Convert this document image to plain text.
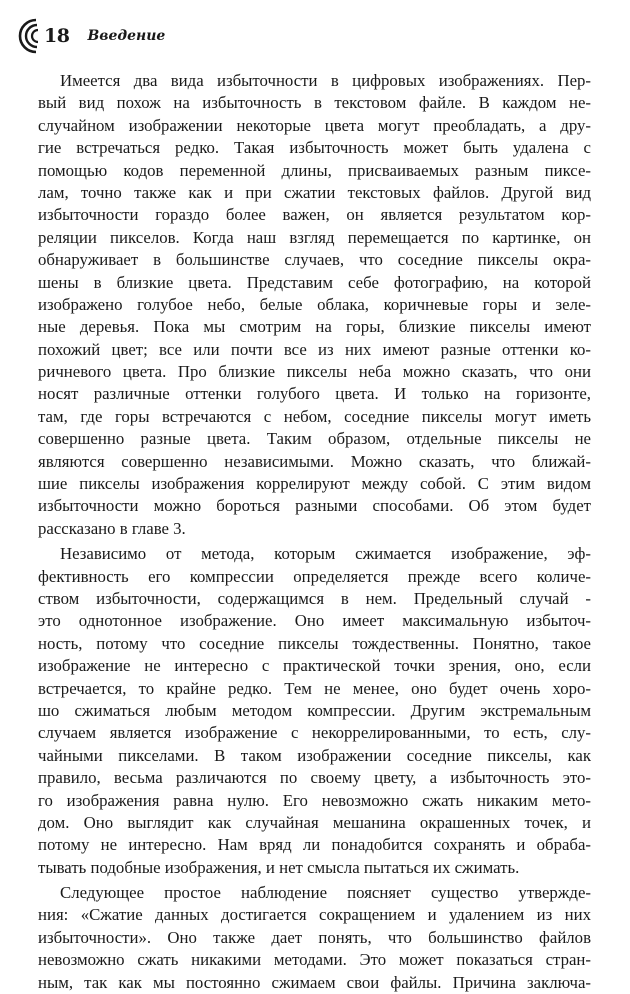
18 Введение
Имеется два вида избыточности в цифровых изображениях. Пер-
вый вид похож на избыточность в текстовом файле. В каждом не-
случайном изображении некоторые цвета могут преобладать, а дру-
гие встречаться редко. Такая избыточность может быть удалена с
помощью кодов переменной длины, присваиваемых разным пиксе-
лам, точно также как и при сжатии текстовых файлов. Другой вид
избыточности гораздо более важен, он является результатом кор-
реляции пикселов. Когда наш взгляд перемещается по картинке, он
обнаруживает в большинстве случаев, что соседние пикселы окра-
шены в близкие цвета. Представим себе фотографию, на которой
изображено голубое небо, белые облака, коричневые горы и зеле-
ные деревья. Пока мы смотрим на горы, близкие пикселы имеют
похожий цвет; все или почти все из них имеют разные оттенки ко-
ричневого цвета. Про близкие пикселы неба можно сказать, что они
носят различные оттенки голубого цвета. И только на горизонте,
там, где горы встречаются с небом, соседние пикселы могут иметь
совершенно разные цвета. Таким образом, отдельные пикселы не
являются совершенно независимыми. Можно сказать, что ближай-
шие пикселы изображения коррелируют между собой. С этим видом
избыточности можно бороться разными способами. Об этом будет
рассказано в главе 3.
Независимо от метода, которым сжимается изображение, эф-
фективность его компрессии определяется прежде всего количе-
ством избыточности, содержащимся в нем. Предельный случай -
это однотонное изображение. Оно имеет максимальную избыточ-
ность, потому что соседние пикселы тождественны. Понятно, такое
изображение не интересно с практической точки зрения, оно, если
встречается, то крайне редко. Тем не менее, оно будет очень хоро-
шо сжиматься любым методом компрессии. Другим экстремальным
случаем является изображение с некоррелированными, то есть, слу-
чайными пикселами. В таком изображении соседние пикселы, как
правило, весьма различаются по своему цвету, а избыточность это-
го изображения равна нулю. Его невозможно сжать никаким мето-
дом. Оно выглядит как случайная мешанина окрашенных точек, и
потому не интересно. Нам вряд ли понадобится сохранять и обраба-
тывать подобные изображения, и нет смысла пытаться их сжимать.
Следующее простое наблюдение поясняет существо утвержде-
ния: «Сжатие данных достигается сокращением и удалением из них
избыточности». Оно также дает понять, что большинство файлов
невозможно сжать никакими методами. Это может показаться стран-
ным, так как мы постоянно сжимаем свои файлы. Причина заключа-
